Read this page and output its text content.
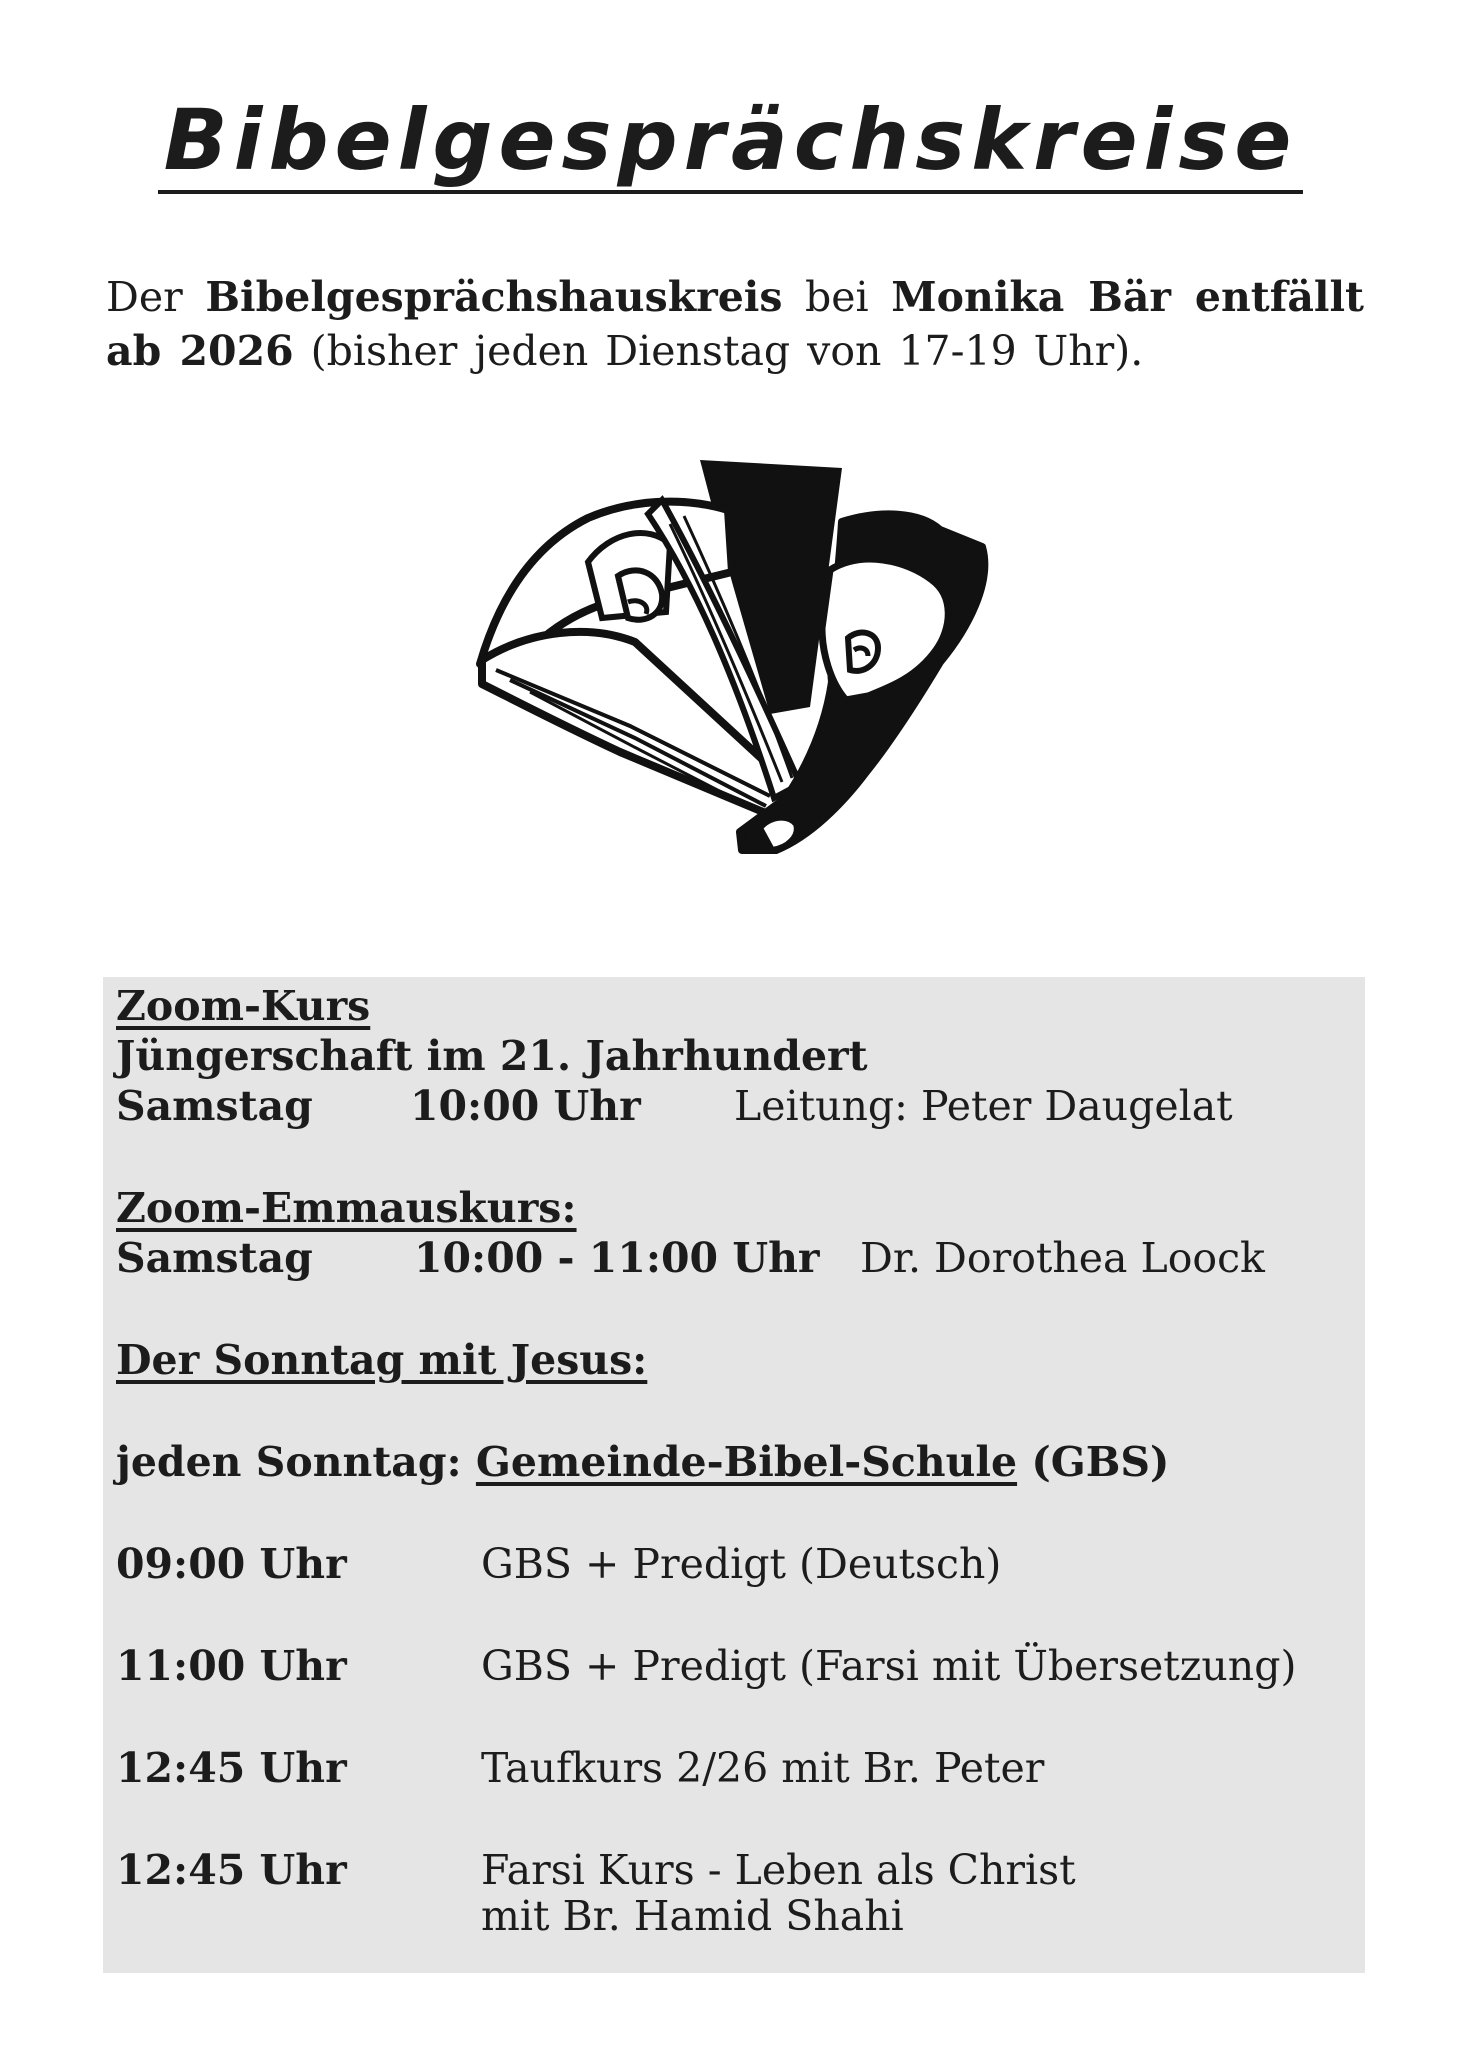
Bibelgesprächskreise
Der Bibelgesprächshauskreis bei Monika Bär entfällt ab 2026 (bisher jeden Dienstag von 17-19 Uhr).
Zoom-Kurs
Jüngerschaft im 21. Jahrhundert
Samstag 10:00 Uhr Leitung: Peter Daugelat
Zoom-Emmauskurs:
Samstag 10:00 - 11:00 Uhr Dr. Dorothea Loock
Der Sonntag mit Jesus:
jeden Sonntag: Gemeinde-Bibel-Schule (GBS)
09:00 Uhr	GBS + Predigt (Deutsch)
11:00 Uhr	GBS + Predigt (Farsi mit Übersetzung)
12:45 Uhr	Taufkurs 2/26 mit Br. Peter
12:45 Uhr	Farsi Kurs - Leben als Christ
mit Br. Hamid Shahi
